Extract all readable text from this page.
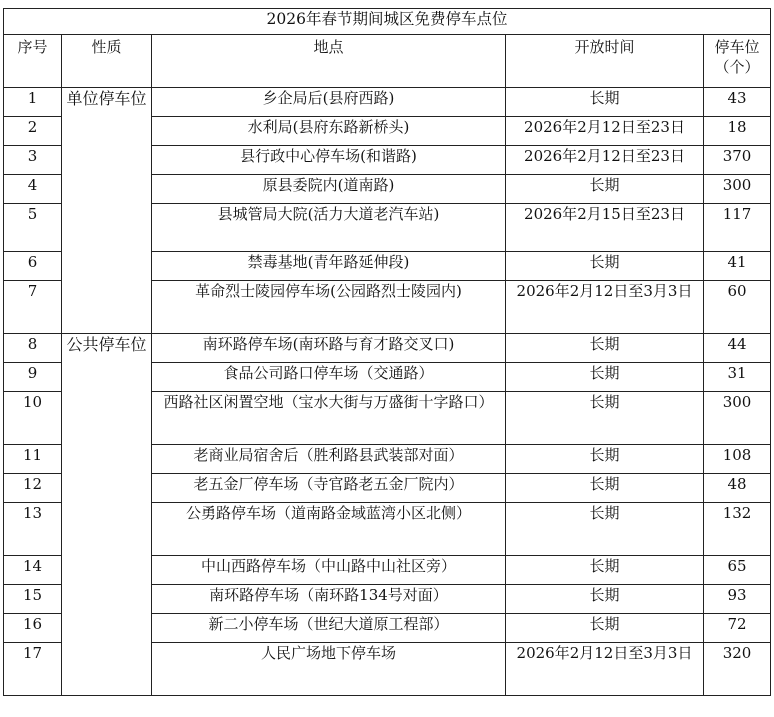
2026年春节期间城区免费停车点位				
序号	性质	地点	开放时间	停车位（个）
1	单位停车位	乡企局后(县府西路)	长期	43
2		水利局(县府东路新桥头)	2026年2月12日至23日	18
3		县行政中心停车场(和谐路)	2026年2月12日至23日	370
4		原县委院内(道南路)	长期	300
5		县城管局大院(活力大道老汽车站)	2026年2月15日至23日	117
6		禁毒基地(青年路延伸段)	长期	41
7		革命烈士陵园停车场(公园路烈士陵园内)	2026年2月12日至3月3日	60
8	公共停车位	南环路停车场(南环路与育才路交叉口)	长期	44
9		食品公司路口停车场（交通路）	长期	31
10		西路社区闲置空地（宝水大街与万盛街十字路口）	长期	300
11		老商业局宿舍后（胜利路县武装部对面）	长期	108
12		老五金厂停车场（寺官路老五金厂院内）	长期	48
13		公勇路停车场（道南路金域蓝湾小区北侧）	长期	132
14		中山西路停车场（中山路中山社区旁）	长期	65
15		南环路停车场（南环路134号对面）	长期	93
16		新二小停车场（世纪大道原工程部）	长期	72
17		人民广场地下停车场	2026年2月12日至3月3日	320
